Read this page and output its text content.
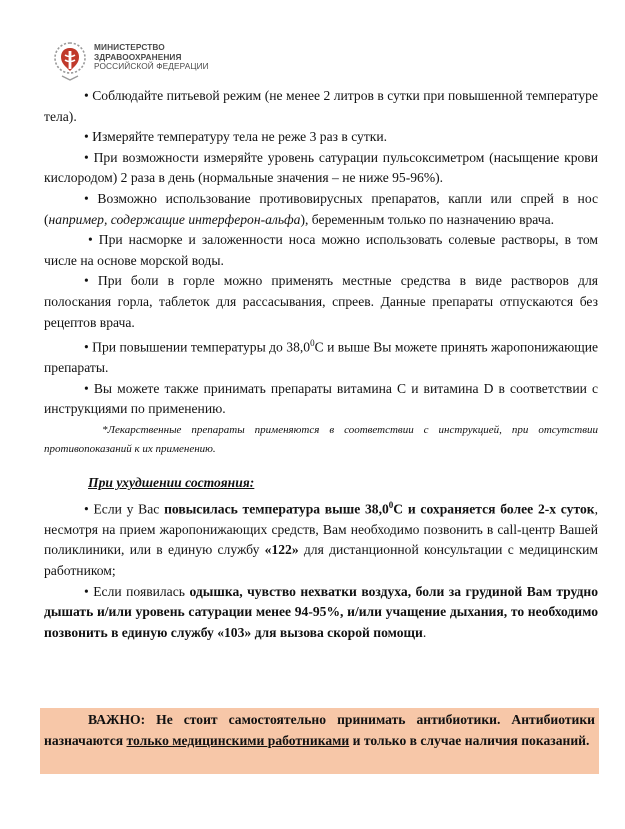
МИНИСТЕРСТВО
ЗДРАВООХРАНЕНИЯ
РОССИЙСКОЙ ФЕДЕРАЦИИ

• Соблюдайте питьевой режим (не менее 2 литров в сутки при повышенной температуре тела).

• Измеряйте температуру тела не реже 3 раз в сутки.

• При возможности измеряйте уровень сатурации пульсоксиметром (насыщение крови кислородом) 2 раза в день (нормальные значения – не ниже 95-96%).

• Возможно использование противовирусных препаратов, капли или спрей в нос (например, содержащие интерферон-альфа), беременным только по назначению врача.

• При насморке и заложенности носа можно использовать солевые растворы, в том числе на основе морской воды.

• При боли в горле можно применять местные средства в виде растворов для полоскания горла, таблеток для рассасывания, спреев. Данные препараты отпускаются без рецептов врача.

• При повышении температуры до 38,0$^0$С и выше Вы можете принять жаропонижающие препараты.

• Вы можете также принимать препараты витамина С и витамина D в соответствии с инструкциями по применению.

*Лекарственные препараты применяются в соответствии с инструкцией, при отсутствии противопоказаний к их применению.

При ухудшении состояния:

• Если у Вас повысилась температура выше 38,0$^0$С и сохраняется более 2-х суток, несмотря на прием жаропонижающих средств, Вам необходимо позвонить в call-центр Вашей поликлиники, или в единую службу «122» для дистанционной консультации с медицинским работником;

• Если появилась одышка, чувство нехватки воздуха, боли за грудиной Вам трудно дышать и/или уровень сатурации менее 94-95%, и/или учащение дыхания, то необходимо позвонить в единую службу «103» для вызова скорой помощи.

ВАЖНО: Не стоит самостоятельно принимать антибиотики. Антибиотики назначаются только медицинскими работниками и только в случае наличия показаний.
